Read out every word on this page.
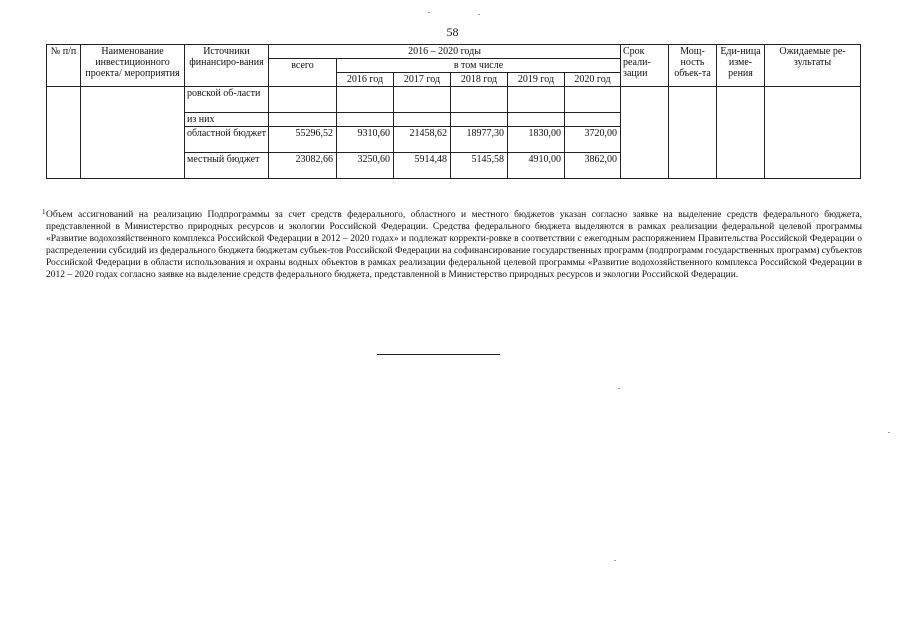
58
№ п/п	Наименование инвестиционного проекта/ мероприятия	Источники финансиро-вания	2016 – 2020 годы						Срок реали-зации	Мощ-ность объек-та	Еди-ница изме-рения	Ожидаемые ре-зультаты
			всего	в том числе								
				2016 год	2017 год	2018 год	2019 год	2020 год				
		ровской об-ласти										
		из них										
		областной бюджет	55296,52	9310,60	21458,62	18977,30	1830,00	3720,00				
		местный бюджет	23082,66	3250,60	5914,48	5145,58	4910,00	3862,00				
1 Объем ассигнований на реализацию Подпрограммы за счет средств федерального, областного и местного бюджетов указан согласно заявке на выделение средств федерального бюджета, представленной в Министерство природных ресурсов и экологии Российской Федерации. Средства федерального бюджета выделяются в рамках реализации федеральной целевой программы «Развитие водохозяйственного комплекса Российской Федерации в 2012 – 2020 годах» и подлежат корректи-ровке в соответствии с ежегодным распоряжением Правительства Российской Федерации о распределении субсидий из федерального бюджета бюджетам субъек-тов Российской Федерации на софинансирование государственных программ (подпрограмм государственных программ) субъектов Российской Федерации в области использования и охраны водных объектов в рамках реализации федеральной целевой программы «Развитие водохозяйственного комплекса Российской Федерации в 2012 – 2020 годах согласно заявке на выделение средств федерального бюджета, представленной в Министерство природных ресурсов и экологии Российской Федерации.
